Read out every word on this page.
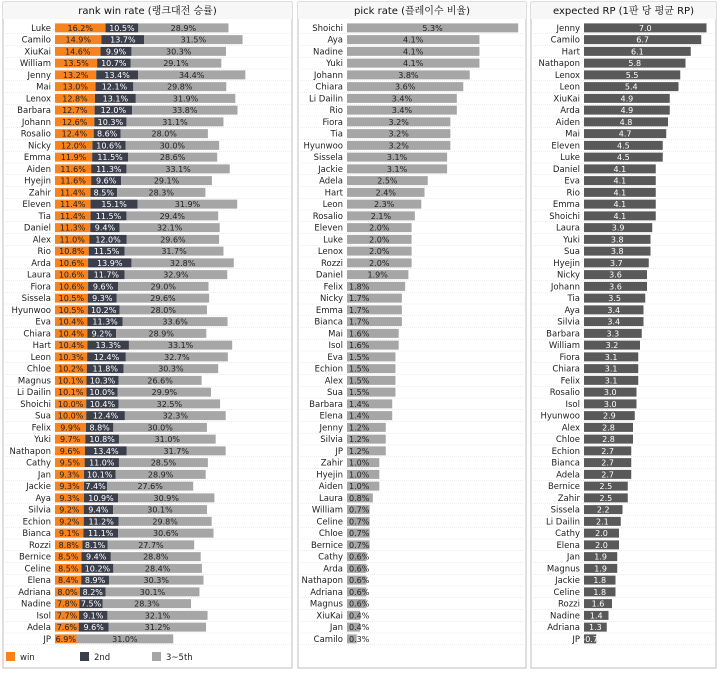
rank win rate (랭크대전 승률)
Luke 16.2% 10.5%	28.9%
Camilo 14.9% 13.7%	31.5%
XiuKai 14.6% 9.9%	30.3%
William 13.5% 10.7%	29.1%
Jenny 13.2% 13.4%	34.4%
Mai 13.0% 12.1%	29.8%
Lenox 12.8% 13.1%	31.9%
Barbara 12.7% 12.0%	33.8%
Johann 12.6% 10.3%	31.1%
Rosalio 12.4% 8.6%	28.0%
Nicky 12.0% 10.6%	30.0%
Emma 11.9% 11.5%	28.6%
Aiden 11.6% 11.3%	33.1%
Hyejin 11.6% 9.6%	29.1%
Zahir 11.4% 8.5%	28.3%
Eleven 11.4% 15.1%	31.9%
Tia 11.4% 11.5%	29.4%
Daniel 11.3% 9.4%	32.1%
Alex 11.0% 12.0%	29.6%
Rio 10.8% 11.5%	31.7%
Arda 10.6% 13.9%	32.8%
Laura 10.6% 11.7%	32.9%
Fiora 10.6% 9.6%	29.0%
Sissela 10.5% 9.3%	29.6%
Hyunwoo 10.5% 10.2%	28.0%
Eva 10.4% 11.3%	33.6%
Chiara 10.4% 9.2%	28.9%
Hart 10.4% 13.3%	33.1%
Leon 10.3% 12.4%	32.7%
Chloe 10.2% 11.8%	30.3%
Magnus 10.1% 10.3%	26.6%
Li Dailin 10.1% 10.0%	29.9%
Shoichi 10.0% 10.4%	32.5%
Sua 10.0% 12.4%	32.3%
Felix 9.9% 8.8%	30.0%
Yuki 9.7% 10.8%	31.0%
Nathapon 9.6% 13.4%	31.7%
Cathy 9.5% 11.0%	28.5%
Jan 9.3% 10.1%	28.9%
Jackie 9.3% 7.4%	27.6%
Aya 9.3% 10.9%	30.9%
Silvia 9.2% 9.4%	30.1%
Echion 9.2% 11.2%	29.8%
Bianca 9.1% 11.1%	30.6%
Rozzi 8.8% 8.1%	27.7%
Bernice 8.5% 9.4%	28.8%
Celine 8.5% 10.2%	28.4%
Elena 8.4% 8.9%	30.3%
Adriana 8.0% 8.2%	30.1%
Nadine 7.8% 7.5%	28.3%
Isol 7.7% 9.1%	32.1%
Adela 7.6% 9.6%	31.2%
JP 6.9%	31.0%
pick rate (플레이수 비율)
Shoichi	5.3%
Aya	4.1%
Nadine	4.1%
Yuki	4.1%
Johann	3.8%
Chiara	3.6%
Li Dailin	3.4%
Rio	3.4%
Fiora	3.2%
Tia	3.2%
Hyunwoo	3.2%
Sissela	3.1%
Jackie	3.1%
Adela	2.5%
Hart	2.4%
Leon	2.3%
Rosalio	2.1%
Eleven	2.0%
Luke	2.0%
Lenox	2.0%
Rozzi	2.0%
Daniel	1.9%
Felix 1.8%
Nicky 1.7%
Emma 1.7%
Bianca 1.7%
Mai 1.6%
Isol 1.6%
Eva 1.5%
Echion 1.5%
Alex 1.5%
Sua 1.5%
Barbara 1.4%
Elena 1.4%
Jenny 1.2%
Silvia 1.2%
JP 1.2%
Zahir 1.0%
Hyejin 1.0%
Aiden 1.0%
Laura 0.8%
William 0.7%
Celine 0.7%
Chloe 0.7%
Bernice 0.7%
Cathy 0.6%
Arda 0.6%
Nathapon 0.6%
Adriana 0.6%
Magnus 0.6%
XiuKai 0.4%
Jan 0.4%
Camilo 0.3%
expected RP (1판 당 평균 RP)
Jenny	7.0
Camilo	6.7
Hart	6.1
Nathapon	5.8
Lenox	5.5
Leon	5.4
XiuKai	4.9
Arda	4.9
Aiden	4.8
Mai	4.7
Eleven	4.5
Luke	4.5
Daniel	4.1
Eva	4.1
Rio	4.1
Emma	4.1
Shoichi	4.1
Laura	3.9
Yuki	3.8
Sua	3.8
Hyejin	3.7
Nicky	3.6
Johann	3.6
Tia	3.5
Aya	3.4
Silvia	3.4
Barbara	3.3
William	3.2
Fiora	3.1
Chiara	3.1
Felix	3.1
Rosalio	3.0
Isol	3.0
Hyunwoo	2.9
Alex	2.8
Chloe	2.8
Echion	2.7
Bianca	2.7
Adela	2.7
Bernice 2.5
Zahir 2.5
Sissela 2.2
Li Dailin 2.1
Cathy 2.0
Elena 2.0
Jan 1.9
Magnus 1.9
Jackie 1.8
Celine 1.8
Rozzi 1.6
Nadine 1.4
Adriana 1.3
JP -0.7
win	2nd	3~5th
